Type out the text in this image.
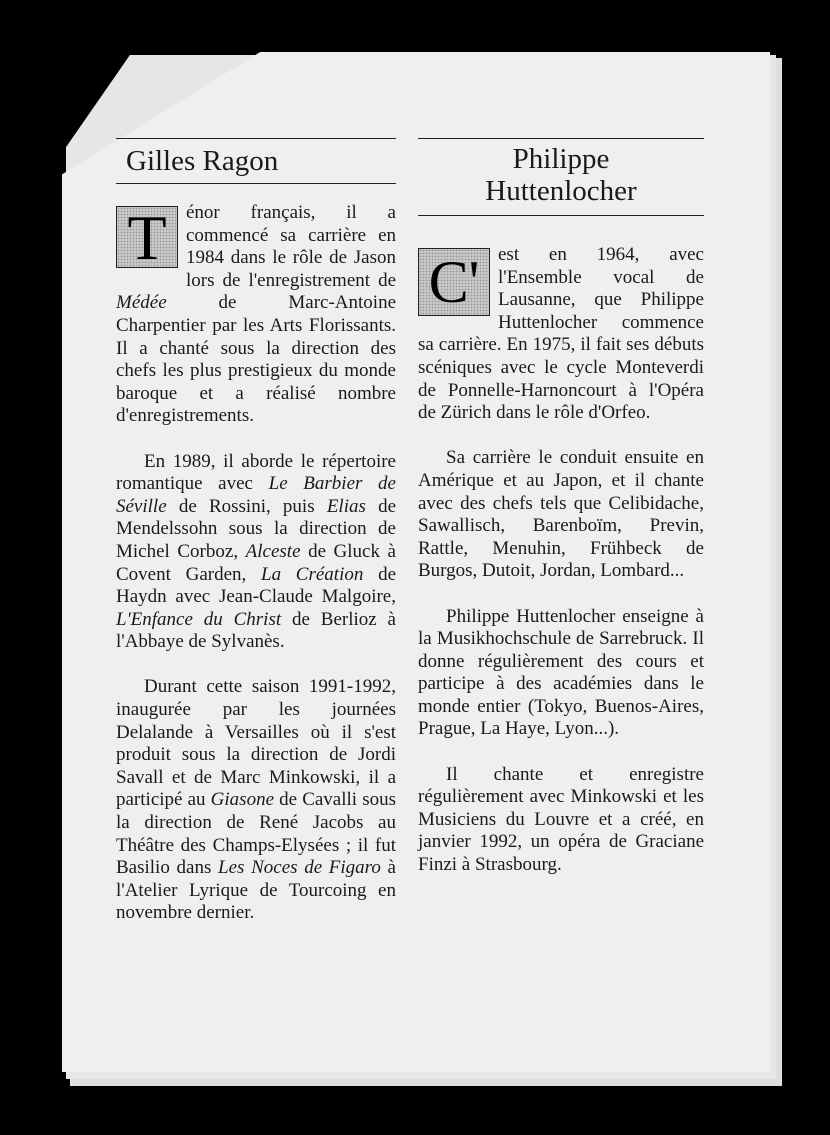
Gilles Ragon

T	énor français, il a commencé sa carrière en 1984 dans le rôle de Jason lors de l'enregistrement de Médée de Marc-Antoine Charpentier par les Arts Florissants. Il a chanté sous la direction des chefs les plus prestigieux du monde baroque et a réalisé nombre d'enregistrements.

En 1989, il aborde le répertoire romantique avec Le Barbier de Séville de Rossini, puis Elias de Mendelssohn sous la direction de Michel Corboz, Alceste de Gluck à Covent Garden, La Création de Haydn avec Jean-Claude Malgoire, L'Enfance du Christ de Berlioz à l'Abbaye de Sylvanès.

Durant cette saison 1991-1992, inaugurée par les journées Delalande à Versailles où il s'est produit sous la direction de Jordi Savall et de Marc Minkowski, il a participé au Giasone de Cavalli sous la direction de René Jacobs au Théâtre des Champs-Elysées ; il fut Basilio dans Les Noces de Figaro à l'Atelier Lyrique de Tourcoing en novembre dernier.

Philippe
Huttenlocher

C' est en 1964, avec l'Ensemble vocal de Lausanne, que Philippe Huttenlocher commence sa carrière. En 1975, il fait ses débuts scéniques avec le cycle Monteverdi de Ponnelle-Harnoncourt à l'Opéra de Zürich dans le rôle d'Orfeo.

Sa carrière le conduit ensuite en Amérique et au Japon, et il chante avec des chefs tels que Celibidache, Sawallisch, Barenboïm, Previn, Rattle, Menuhin, Frühbeck de Burgos, Dutoit, Jordan, Lombard...

Philippe Huttenlocher enseigne à la Musikhochschule de Sarrebruck. Il donne régulièrement des cours et participe à des académies dans le monde entier (Tokyo, Buenos-Aires, Prague, La Haye, Lyon...).

Il chante et enregistre régulièrement avec Minkowski et les Musiciens du Louvre et a créé, en janvier 1992, un opéra de Graciane Finzi à Strasbourg.
